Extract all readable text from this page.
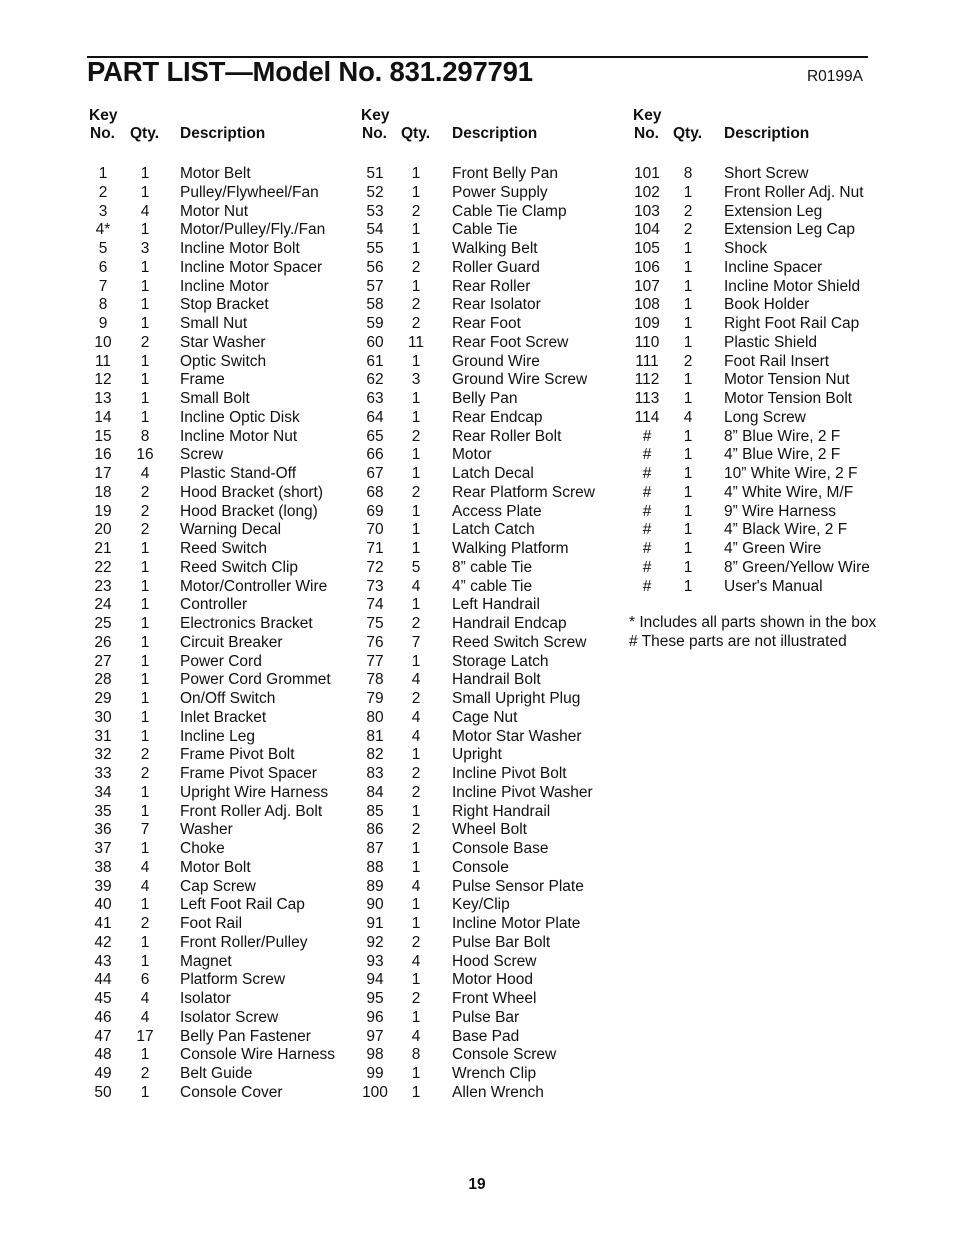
PART LIST—Model No. 831.297791	R0199A
Key
No. Qty. Description
1	1	Motor Belt
2	1	Pulley/Flywheel/Fan
3	4	Motor Nut
4*	1	Motor/Pulley/Fly./Fan
5	3	Incline Motor Bolt
6	1	Incline Motor Spacer
7	1	Incline Motor
8	1	Stop Bracket
9	1	Small Nut
10	2	Star Washer
11	1	Optic Switch
12	1	Frame
13	1	Small Bolt
14	1	Incline Optic Disk
15	8	Incline Motor Nut
16	16	Screw
17	4	Plastic Stand-Off
18	2	Hood Bracket (short)
19	2	Hood Bracket (long)
20	2	Warning Decal
21	1	Reed Switch
22	1	Reed Switch Clip
23	1	Motor/Controller Wire
24	1	Controller
25	1	Electronics Bracket
26	1	Circuit Breaker
27	1	Power Cord
28	1	Power Cord Grommet
29	1	On/Off Switch
30	1	Inlet Bracket
31	1	Incline Leg
32	2	Frame Pivot Bolt
33	2	Frame Pivot Spacer
34	1	Upright Wire Harness
35	1	Front Roller Adj. Bolt
36	7	Washer
37	1	Choke
38	4	Motor Bolt
39	4	Cap Screw
40	1	Left Foot Rail Cap
41	2	Foot Rail
42	1	Front Roller/Pulley
43	1	Magnet
44	6	Platform Screw
45	4	Isolator
46	4	Isolator Screw
47	17	Belly Pan Fastener
48	1	Console Wire Harness
49	2	Belt Guide
50	1	Console Cover
Key
No. Qty. Description
51	1	Front Belly Pan
52	1	Power Supply
53	2	Cable Tie Clamp
54	1	Cable Tie
55	1	Walking Belt
56	2	Roller Guard
57	1	Rear Roller
58	2	Rear Isolator
59	2	Rear Foot
60	11	Rear Foot Screw
61	1	Ground Wire
62	3	Ground Wire Screw
63	1	Belly Pan
64	1	Rear Endcap
65	2	Rear Roller Bolt
66	1	Motor
67	1	Latch Decal
68	2	Rear Platform Screw
69	1	Access Plate
70	1	Latch Catch
71	1	Walking Platform
72	5	8” cable Tie
73	4	4” cable Tie
74	1	Left Handrail
75	2	Handrail Endcap
76	7	Reed Switch Screw
77	1	Storage Latch
78	4	Handrail Bolt
79	2	Small Upright Plug
80	4	Cage Nut
81	4	Motor Star Washer
82	1	Upright
83	2	Incline Pivot Bolt
84	2	Incline Pivot Washer
85	1	Right Handrail
86	2	Wheel Bolt
87	1	Console Base
88	1	Console
89	4	Pulse Sensor Plate
90	1	Key/Clip
91	1	Incline Motor Plate
92	2	Pulse Bar Bolt
93	4	Hood Screw
94	1	Motor Hood
95	2	Front Wheel
96	1	Pulse Bar
97	4	Base Pad
98	8	Console Screw
99	1	Wrench Clip
100	1	Allen Wrench
Key
No. Qty. Description
101	8	Short Screw
102	1	Front Roller Adj. Nut
103	2	Extension Leg
104	2	Extension Leg Cap
105	1	Shock
106	1	Incline Spacer
107	1	Incline Motor Shield
108	1	Book Holder
109	1	Right Foot Rail Cap
110	1	Plastic Shield
111	2	Foot Rail Insert
112	1	Motor Tension Nut
113	1	Motor Tension Bolt
114	4	Long Screw
#	1	8” Blue Wire, 2 F
#	1	4” Blue Wire, 2 F
#	1	10” White Wire, 2 F
#	1	4” White Wire, M/F
#	1	9” Wire Harness
#	1	4” Black Wire, 2 F
#	1	4” Green Wire
#	1	8” Green/Yellow Wire
#	1	User's Manual
* Includes all parts shown in the box
# These parts are not illustrated
19
